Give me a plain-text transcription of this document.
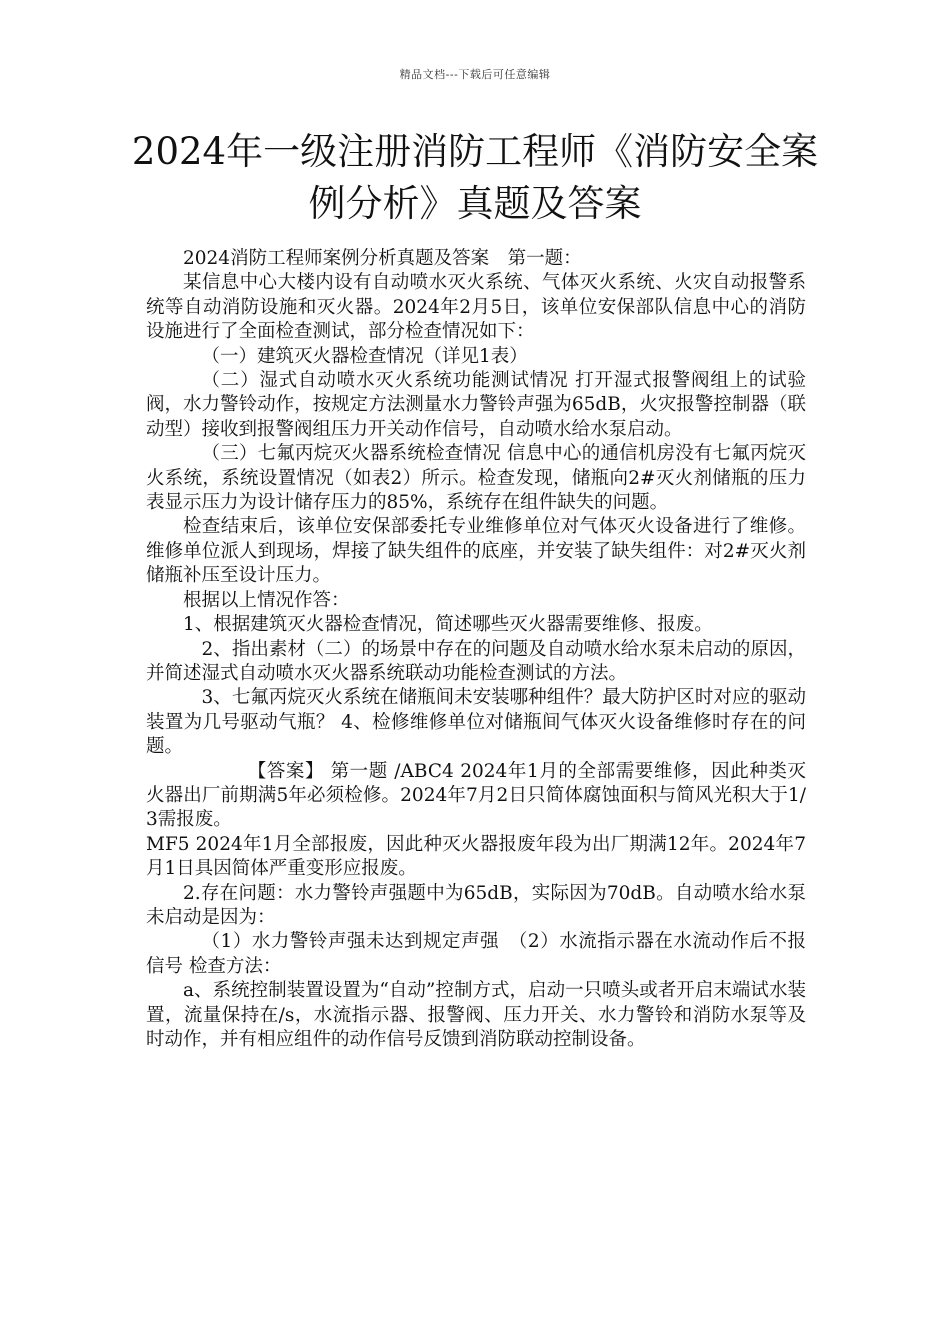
精品文档---下载后可任意编辑
2024年一级注册消防工程师《消防安全案例分析》真题及答案

2024消防工程师案例分析真题及答案　第一题：

某信息中心大楼内设有自动喷水灭火系统、气体灭火系统、火灾自动报警系统等自动消防设施和灭火器。2024年2月5日，该单位安保部队信息中心的消防设施进行了全面检查测试，部分检查情况如下：

（一）建筑灭火器检查情况（详见1表）

（二）湿式自动喷水灭火系统功能测试情况 打开湿式报警阀组上的试验阀，水力警铃动作，按规定方法测量水力警铃声强为65dB，火灾报警控制器（联动型）接收到报警阀组压力开关动作信号，自动喷水给水泵启动。

（三）七氟丙烷灭火器系统检查情况 信息中心的通信机房没有七氟丙烷灭火系统，系统设置情况（如表2）所示。检查发现，储瓶向2#灭火剂储瓶的压力表显示压力为设计储存压力的85%，系统存在组件缺失的问题。

检查结束后，该单位安保部委托专业维修单位对气体灭火设备进行了维修。维修单位派人到现场，焊接了缺失组件的底座，并安装了缺失组件：对2#灭火剂储瓶补压至设计压力。

根据以上情况作答：

1、根据建筑灭火器检查情况，简述哪些灭火器需要维修、报废。

2、指出素材（二）的场景中存在的问题及自动喷水给水泵未启动的原因，并简述湿式自动喷水灭火器系统联动功能检查测试的方法。

3、七氟丙烷灭火系统在储瓶间未安装哪种组件？最大防护区时对应的驱动装置为几号驱动气瓶？ 4、检修维修单位对储瓶间气体灭火设备维修时存在的问题。

【答案】 第一题 /ABC4 2024年1月的全部需要维修，因此种类灭火器出厂前期满5年必须检修。2024年7月2日只简体腐蚀面积与简风光积大于1/3需报废。

MF5 2024年1月全部报废，因此种灭火器报废年段为出厂期满12年。2024年7月1日具因简体严重变形应报废。

2.存在问题：水力警铃声强题中为65dB，实际因为70dB。自动喷水给水泵未启动是因为：

（1）水力警铃声强未达到规定声强　（2）水流指示器在水流动作后不报信号 检查方法：

a、系统控制装置设置为“自动”控制方式，启动一只喷头或者开启末端试水装置，流量保持在/s，水流指示器、报警阀、压力开关、水力警铃和消防水泵等及时动作，并有相应组件的动作信号反馈到消防联动控制设备。
